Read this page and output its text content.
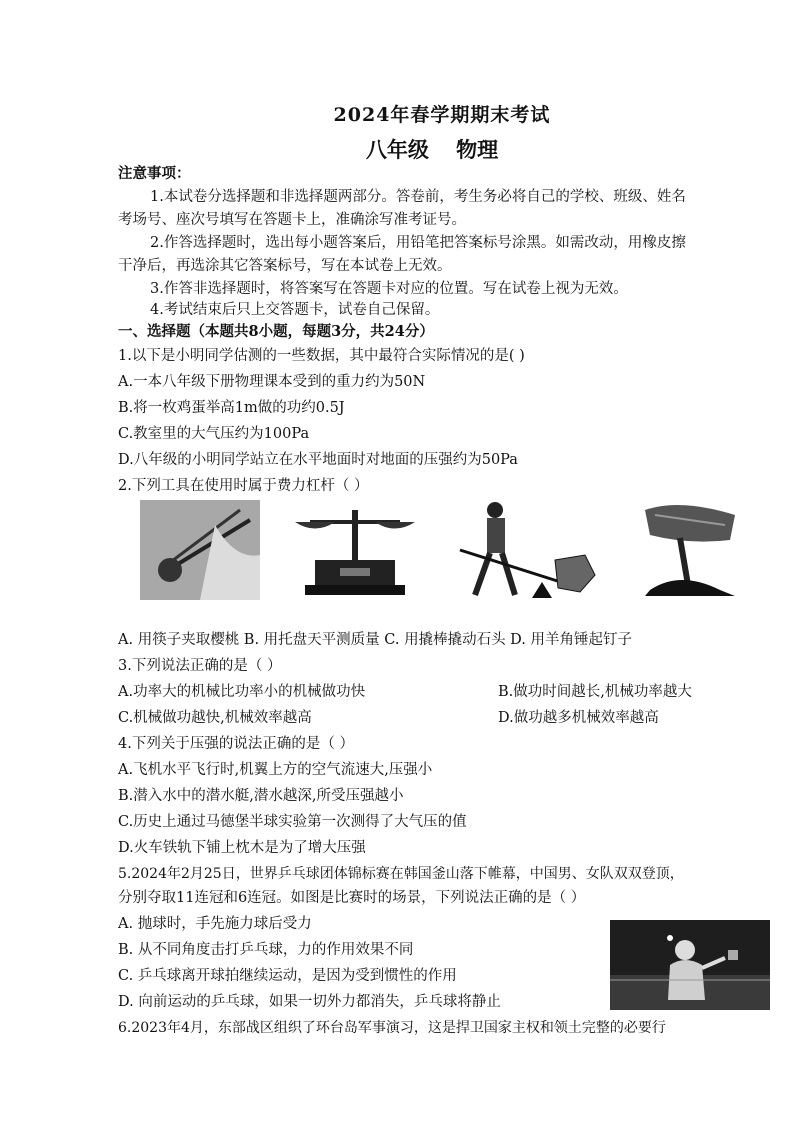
2024年春学期期末考试
八年级 物理
注意事项：
1.本试卷分选择题和非选择题两部分。答卷前，考生务必将自己的学校、班级、姓名
考场号、座次号填写在答题卡上，准确涂写准考证号。
2.作答选择题时，选出每小题答案后，用铅笔把答案标号涂黑。如需改动，用橡皮擦
干净后，再选涂其它答案标号，写在本试卷上无效。
3.作答非选择题时，将答案写在答题卡对应的位置。写在试卷上视为无效。
4.考试结束后只上交答题卡，试卷自己保留。
一、选择题（本题共8小题，每题3分，共24分）
1.以下是小明同学估测的一些数据，其中最符合实际情况的是( )
A.一本八年级下册物理课本受到的重力约为50N
B.将一枚鸡蛋举高1m做的功约0.5J
C.教室里的大气压约为100Pa
D.八年级的小明同学站立在水平地面时对地面的压强约为50Pa
2.下列工具在使用时属于费力杠杆（ ）
A. 用筷子夹取樱桃 B. 用托盘天平测质量 C. 用撬棒撬动石头 D. 用羊角锤起钉子
3.下列说法正确的是（ ）
A.功率大的机械比功率小的机械做功快	B.做功时间越长,机械功率越大
C.机械做功越快,机械效率越高	D.做功越多机械效率越高
4.下列关于压强的说法正确的是（ ）
A.飞机水平飞行时,机翼上方的空气流速大,压强小
B.潜入水中的潜水艇,潜水越深,所受压强越小
C.历史上通过马德堡半球实验第一次测得了大气压的值
D.火车铁轨下铺上枕木是为了增大压强
5.2024年2月25日，世界乒乓球团体锦标赛在韩国釜山落下帷幕，中国男、女队双双登顶，
分别夺取11连冠和6连冠。如图是比赛时的场景，下列说法正确的是（ ）
A. 抛球时，手先施力球后受力
B. 从不同角度击打乒乓球，力的作用效果不同
C. 乒乓球离开球拍继续运动，是因为受到惯性的作用
D. 向前运动的乒乓球，如果一切外力都消失，乒乓球将静止
6.2023年4月，东部战区组织了环台岛军事演习，这是捍卫国家主权和领土完整的必要行
